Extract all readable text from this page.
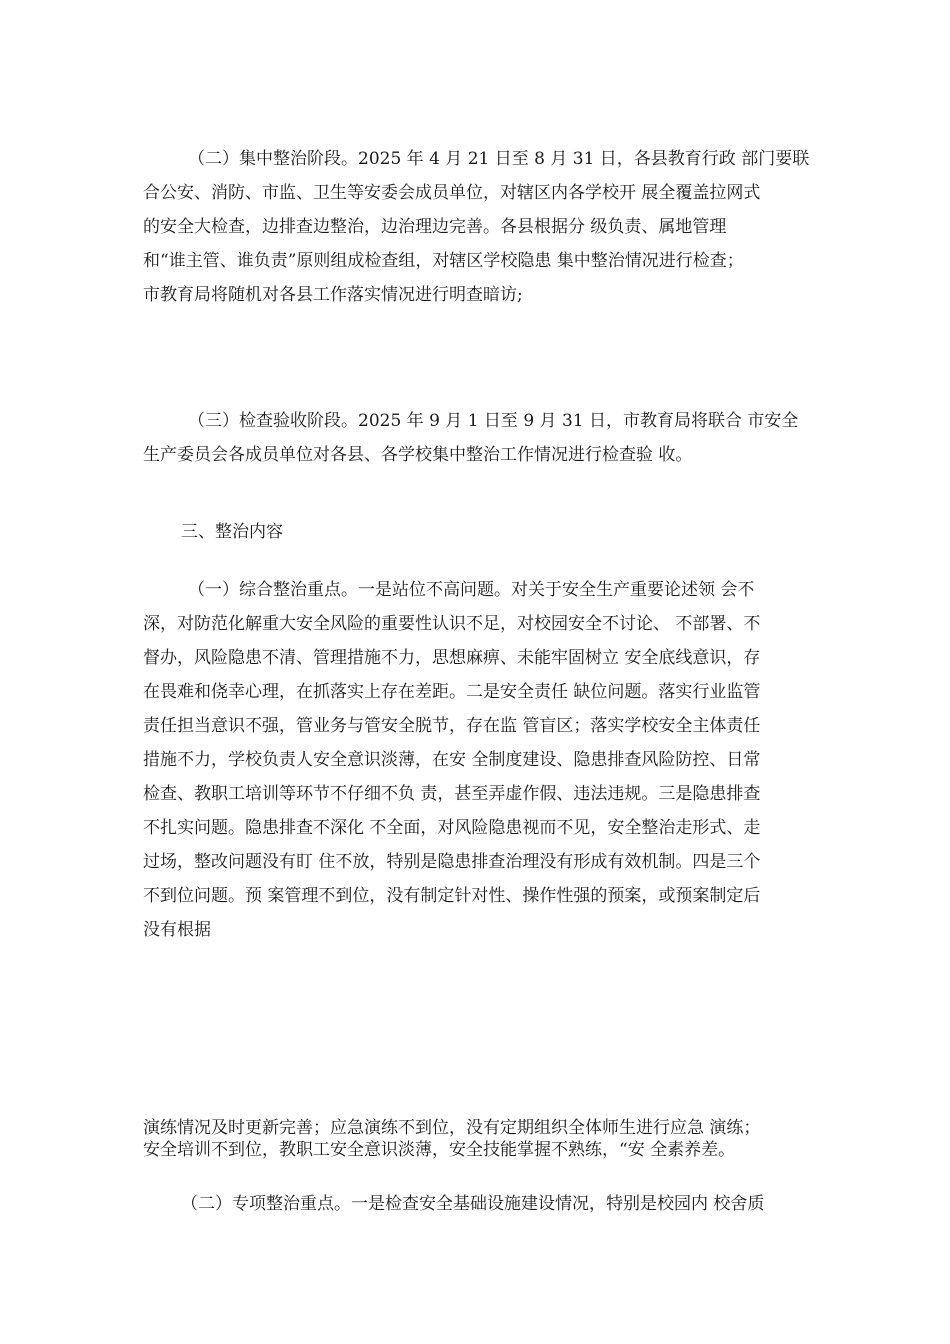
（二）集中整治阶段。2025 年 4 月 21 日至 8 月 31 日，各县教育行政 部门要联
合公安、消防、市监、卫生等安委会成员单位，对辖区内各学校开 展全覆盖拉网式
的安全大检查，边排查边整治，边治理边完善。各县根据分 级负责、属地管理
和“谁主管、谁负责”原则组成检查组，对辖区学校隐患 集中整治情况进行检查；
市教育局将随机对各县工作落实情况进行明查暗访;
（三）检查验收阶段。2025 年 9 月 1 日至 9 月 31 日，市教育局将联合 市安全
生产委员会各成员单位对各县、各学校集中整治工作情况进行检查验 收。
三、整治内容
（一）综合整治重点。一是站位不高问题。对关于安全生产重要论述领 会不
深，对防范化解重大安全风险的重要性认识不足，对校园安全不讨论、 不部署、不
督办，风险隐患不清、管理措施不力，思想麻痹、未能牢固树立 安全底线意识，存
在畏难和侥幸心理，在抓落实上存在差距。二是安全责任 缺位问题。落实行业监管
责任担当意识不强，管业务与管安全脱节，存在监 管盲区；落实学校安全主体责任
措施不力，学校负责人安全意识淡薄，在安 全制度建设、隐患排查风险防控、日常
检查、教职工培训等环节不仔细不负 责，甚至弄虚作假、违法违规。三是隐患排查
不扎实问题。隐患排查不深化 不全面，对风险隐患视而不见，安全整治走形式、走
过场，整改问题没有盯 住不放，特别是隐患排查治理没有形成有效机制。四是三个
不到位问题。预 案管理不到位，没有制定针对性、操作性强的预案，或预案制定后
没有根据
演练情况及时更新完善；应急演练不到位，没有定期组织全体师生进行应急 演练；
安全培训不到位，教职工安全意识淡薄，安全技能掌握不熟练，“安 全素养差。
（二）专项整治重点。一是检查安全基础设施建设情况，特别是校园内 校舍质
